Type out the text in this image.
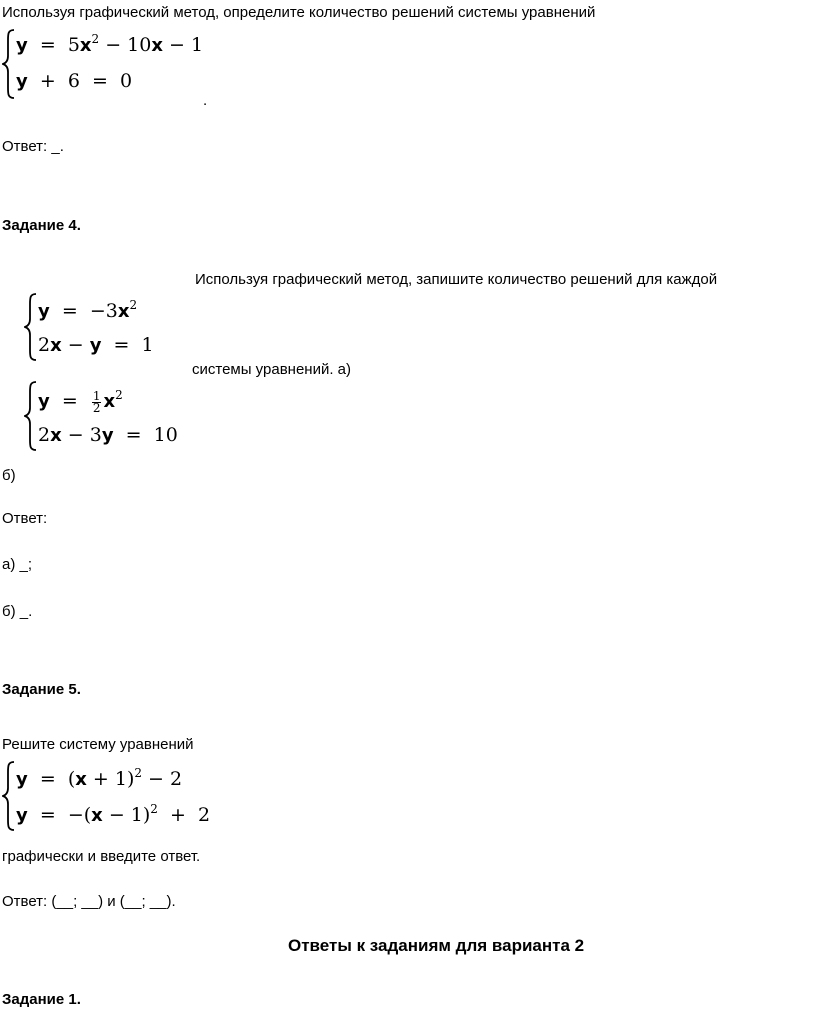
Используя графический метод, определите количество решений системы уравнений
$y = 5x^2 - 10x - 1$
y  +  6  =  0
.
Ответ: _.
Задание 4.
Используя графический метод, запишите количество решений для каждой
$y = -3x^2$
2x − y  =  1
системы уравнений. а)
$y = \frac{1}{2} x^2$
2x − 3y  =  10
б)
Ответ:
а) _;
б) _.
Задание 5.
Решите систему уравнений
$y = (x + 1)^2 - 2$
$y = -(x - 1)^2 + 2$
графически и введите ответ.
Ответ: (__; __) и (__; __).
Ответы к заданиям для варианта 2
Задание 1.
